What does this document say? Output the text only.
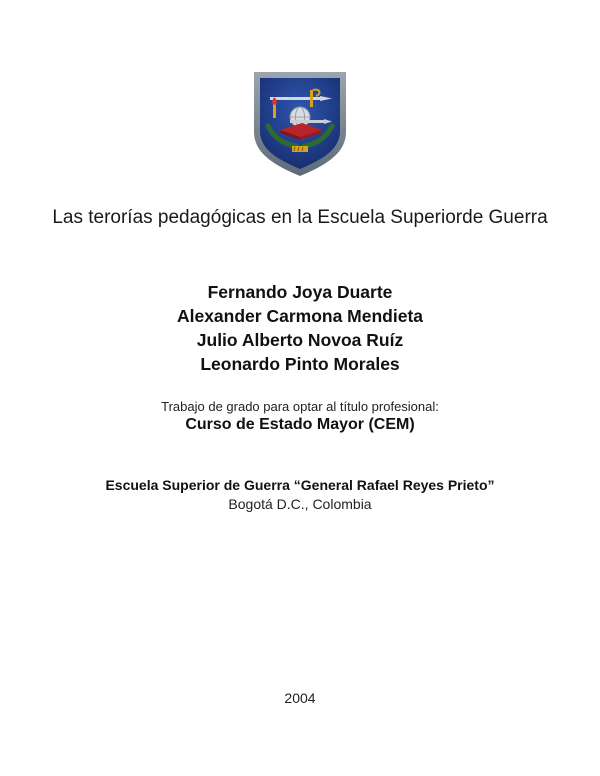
Las terorías pedagógicas en la Escuela Superiorde Guerra
Fernando Joya Duarte
Alexander Carmona Mendieta
Julio Alberto Novoa Ruíz
Leonardo Pinto Morales
Trabajo de grado para optar al título profesional:
Curso de Estado Mayor (CEM)
Escuela Superior de Guerra “General Rafael Reyes Prieto”
Bogotá D.C., Colombia
2004
